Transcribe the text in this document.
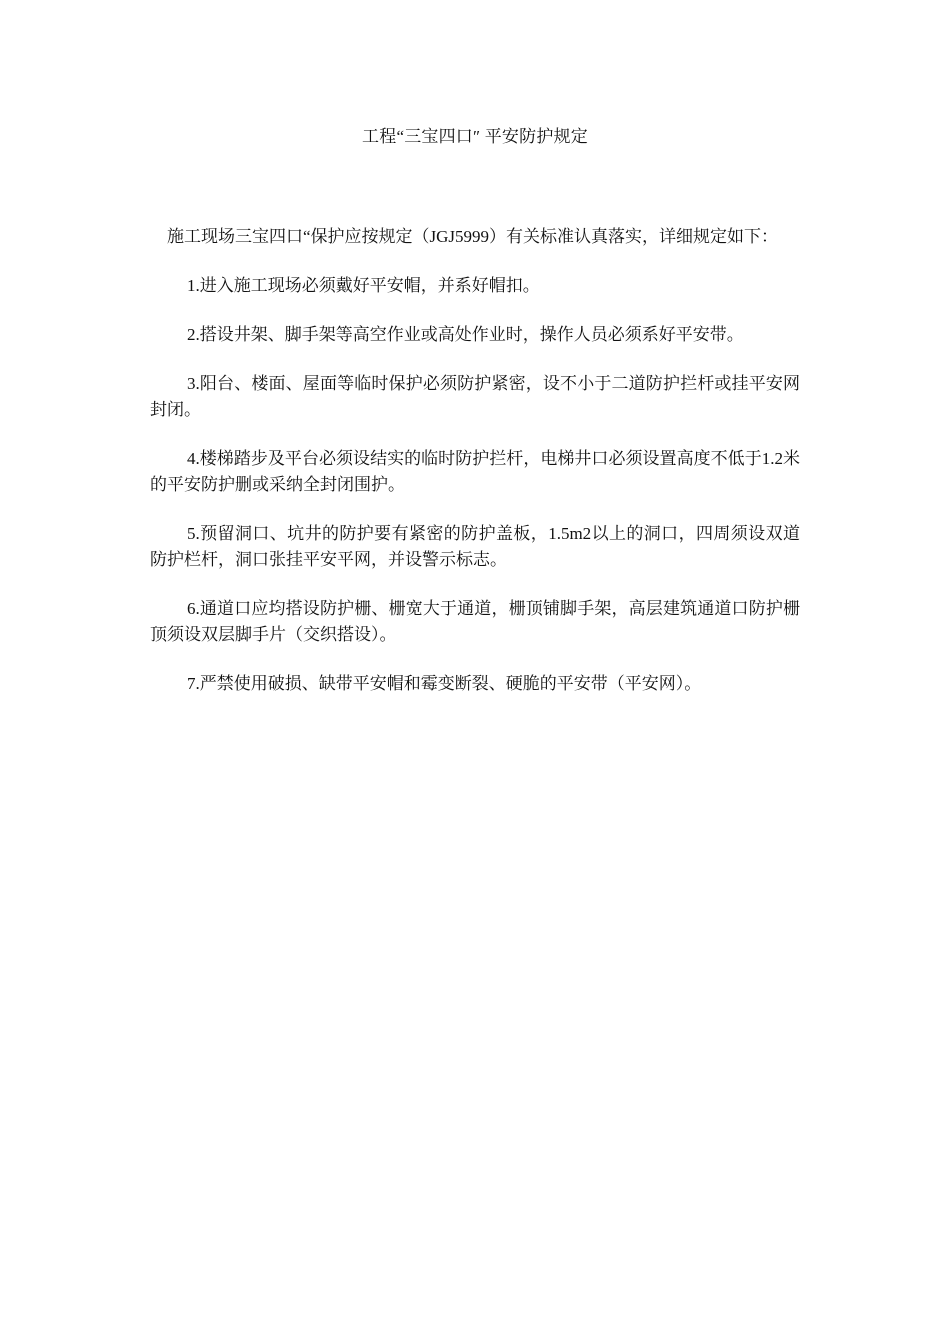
工程“三宝四口″ 平安防护规定

施工现场三宝四口“保护应按规定（JGJ5999）有关标准认真落实，详细规定如下：

1.进入施工现场必须戴好平安帽，并系好帽扣。

2.搭设井架、脚手架等高空作业或高处作业时，操作人员必须系好平安带。

3.阳台、楼面、屋面等临时保护必须防护紧密，设不小于二道防护拦杆或挂平安网封闭。

4.楼梯踏步及平台必须设结实的临时防护拦杆，电梯井口必须设置高度不低于1.2米的平安防护删或采纳全封闭围护。

5.预留洞口、坑井的防护要有紧密的防护盖板，1.5m2以上的洞口，四周须设双道防护栏杆，洞口张挂平安平网，并设警示标志。

6.通道口应均搭设防护栅、栅宽大于通道，栅顶铺脚手架，高层建筑通道口防护栅顶须设双层脚手片（交织搭设）。

7.严禁使用破损、缺带平安帽和霉变断裂、硬脆的平安带（平安网）。
